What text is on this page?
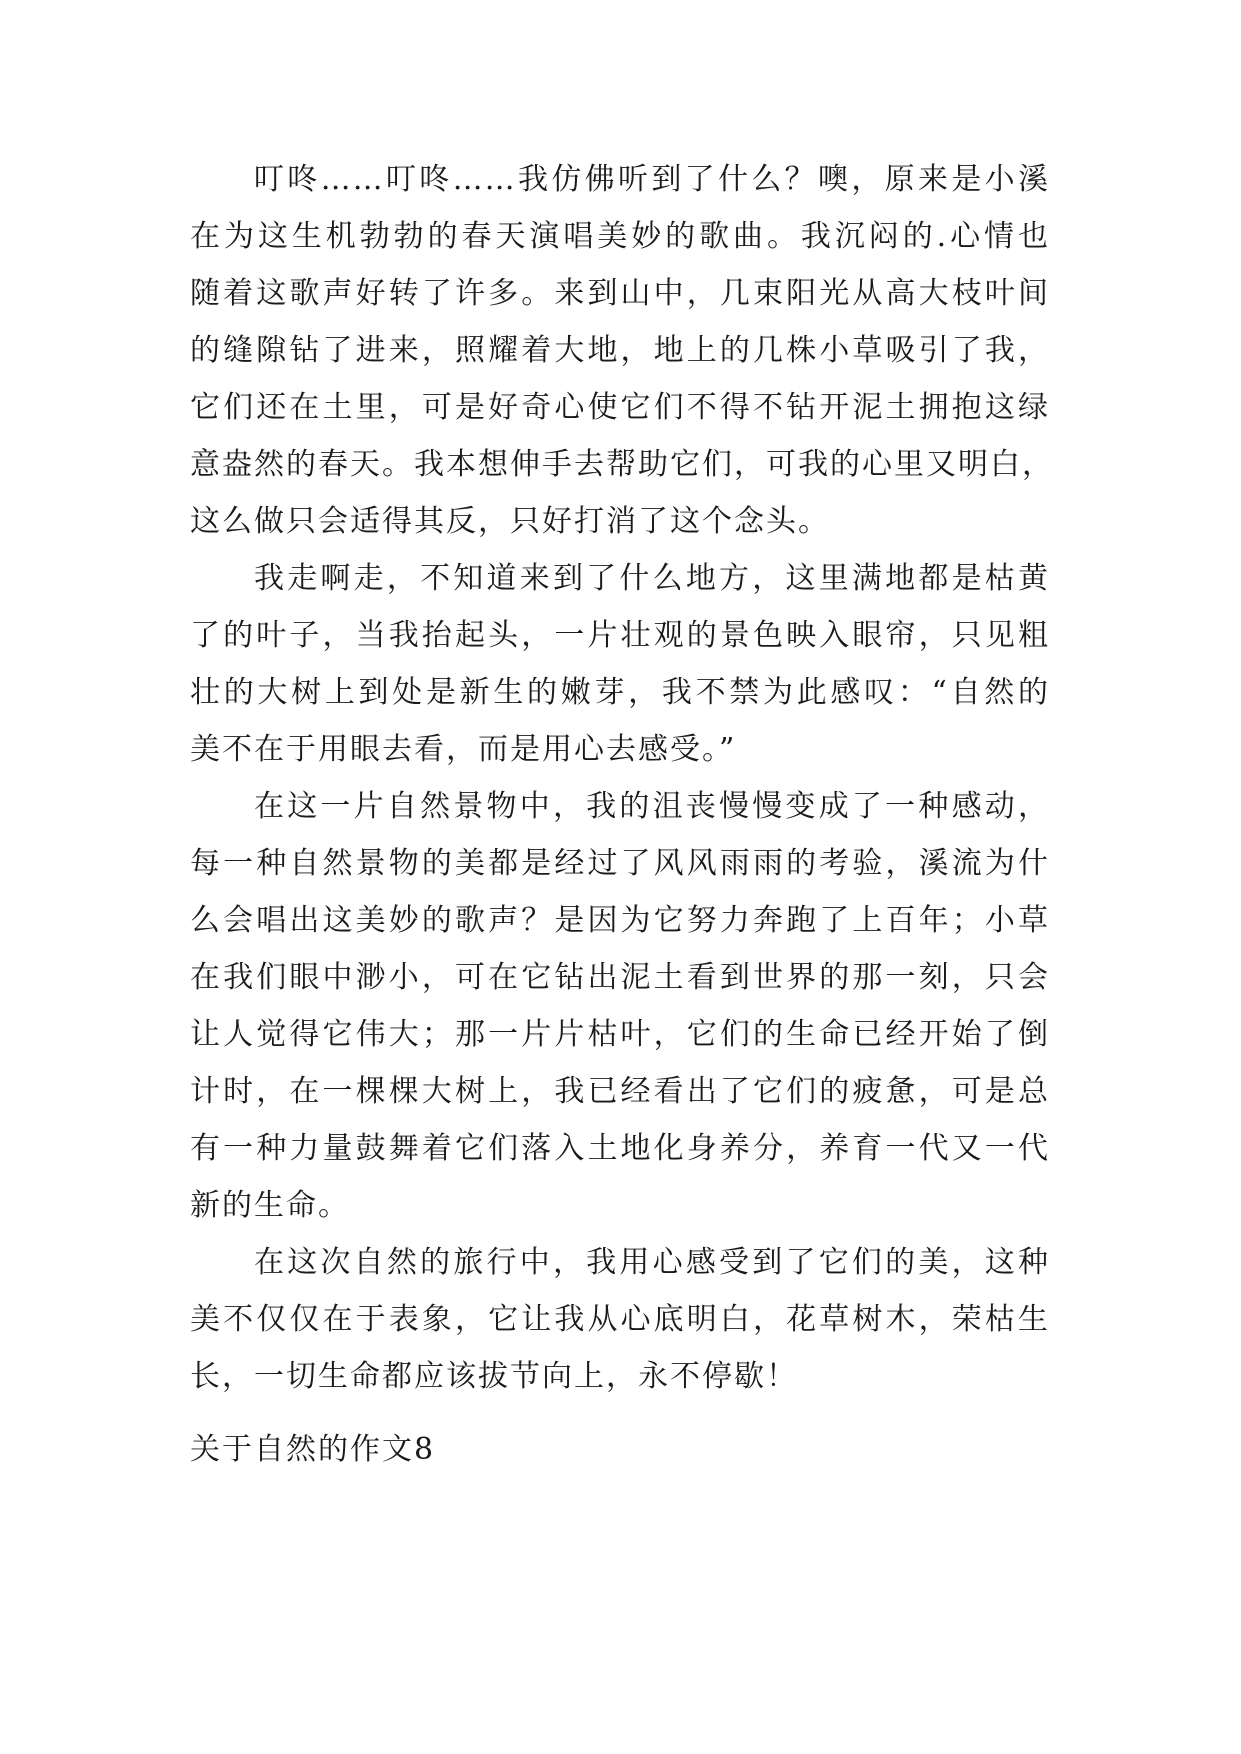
叮咚……叮咚……我仿佛听到了什么？噢，原来是小溪
在为这生机勃勃的春天演唱美妙的歌曲。我沉闷的.心情也
随着这歌声好转了许多。来到山中，几束阳光从高大枝叶间
的缝隙钻了进来，照耀着大地，地上的几株小草吸引了我，
它们还在土里，可是好奇心使它们不得不钻开泥土拥抱这绿
意盎然的春天。我本想伸手去帮助它们，可我的心里又明白，
这么做只会适得其反，只好打消了这个念头。
我走啊走，不知道来到了什么地方，这里满地都是枯黄
了的叶子，当我抬起头，一片壮观的景色映入眼帘，只见粗
壮的大树上到处是新生的嫩芽，我不禁为此感叹：“自然的
美不在于用眼去看，而是用心去感受。”
在这一片自然景物中，我的沮丧慢慢变成了一种感动，
每一种自然景物的美都是经过了风风雨雨的考验，溪流为什
么会唱出这美妙的歌声？是因为它努力奔跑了上百年；小草
在我们眼中渺小，可在它钻出泥土看到世界的那一刻，只会
让人觉得它伟大；那一片片枯叶，它们的生命已经开始了倒
计时，在一棵棵大树上，我已经看出了它们的疲惫，可是总
有一种力量鼓舞着它们落入土地化身养分，养育一代又一代
新的生命。
在这次自然的旅行中，我用心感受到了它们的美，这种
美不仅仅在于表象，它让我从心底明白，花草树木，荣枯生
长，一切生命都应该拔节向上，永不停歇！
关于自然的作文8
